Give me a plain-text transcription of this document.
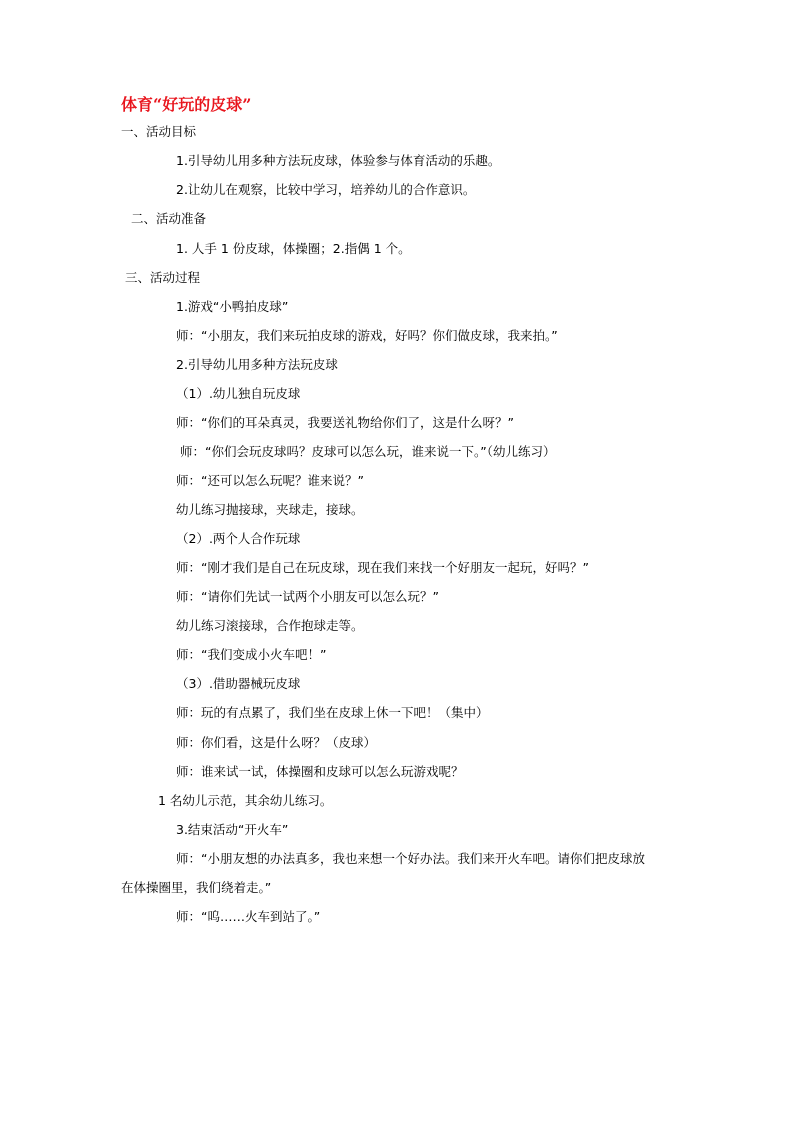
体育“好玩的皮球”
一、活动目标
1.引导幼儿用多种方法玩皮球，体验参与体育活动的乐趣。
2.让幼儿在观察，比较中学习，培养幼儿的合作意识。
二、活动准备
1. 人手 1 份皮球，体操圈；2.指偶 1 个。
三、活动过程
1.游戏“小鸭拍皮球”
师：“小朋友，我们来玩拍皮球的游戏，好吗？你们做皮球，我来拍。”
2.引导幼儿用多种方法玩皮球
（1）.幼儿独自玩皮球
师：“你们的耳朵真灵，我要送礼物给你们了，这是什么呀？”
师：“你们会玩皮球吗？皮球可以怎么玩，谁来说一下。”（幼儿练习）
师：“还可以怎么玩呢？谁来说？”
幼儿练习抛接球，夹球走，接球。
（2）.两个人合作玩球
师：“刚才我们是自己在玩皮球，现在我们来找一个好朋友一起玩，好吗？”
师：“请你们先试一试两个小朋友可以怎么玩？”
幼儿练习滚接球，合作抱球走等。
师：“我们变成小火车吧！”
（3）.借助器械玩皮球
师：玩的有点累了，我们坐在皮球上休一下吧！（集中）
师：你们看，这是什么呀？（皮球）
师：谁来试一试，体操圈和皮球可以怎么玩游戏呢？
1 名幼儿示范，其余幼儿练习。
3.结束活动“开火车”
师：“小朋友想的办法真多，我也来想一个好办法。我们来开火车吧。请你们把皮球放
在体操圈里，我们绕着走。”
师：“呜……火车到站了。”
